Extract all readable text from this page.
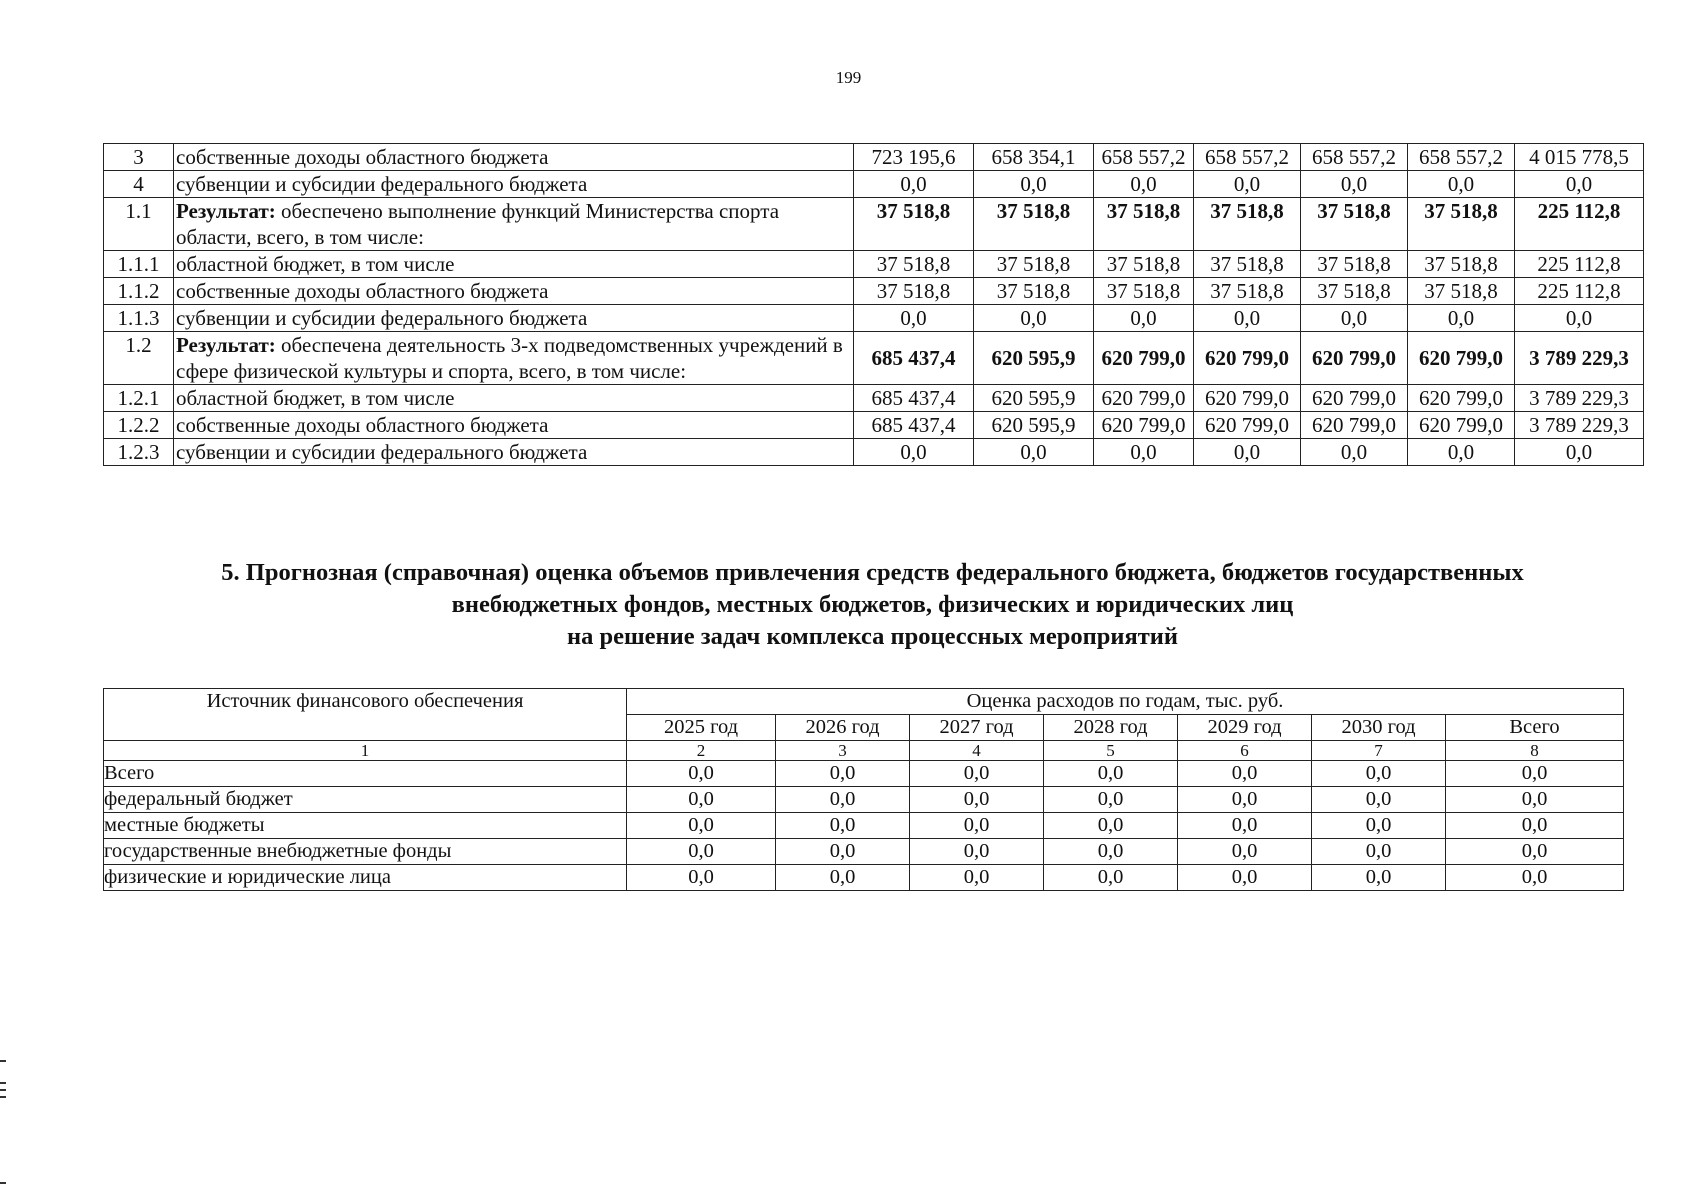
199
3	собственные доходы областного бюджета	723 195,6	658 354,1	658 557,2	658 557,2	658 557,2	658 557,2	4 015 778,5
4	субвенции и субсидии федерального бюджета	0,0	0,0	0,0	0,0	0,0	0,0	0,0
1.1	Результат: обеспечено выполнение функций Министерства спорта области, всего, в том числе:	37 518,8	37 518,8	37 518,8	37 518,8	37 518,8	37 518,8	225 112,8
1.1.1	областной бюджет, в том числе	37 518,8	37 518,8	37 518,8	37 518,8	37 518,8	37 518,8	225 112,8
1.1.2	собственные доходы областного бюджета	37 518,8	37 518,8	37 518,8	37 518,8	37 518,8	37 518,8	225 112,8
1.1.3	субвенции и субсидии федерального бюджета	0,0	0,0	0,0	0,0	0,0	0,0	0,0
1.2	Результат: обеспечена деятельность 3-х подведомственных учреждений в сфере физической культуры и спорта, всего, в том числе:	685 437,4	620 595,9	620 799,0	620 799,0	620 799,0	620 799,0	3 789 229,3
1.2.1	областной бюджет, в том числе	685 437,4	620 595,9	620 799,0	620 799,0	620 799,0	620 799,0	3 789 229,3
1.2.2	собственные доходы областного бюджета	685 437,4	620 595,9	620 799,0	620 799,0	620 799,0	620 799,0	3 789 229,3
1.2.3	субвенции и субсидии федерального бюджета	0,0	0,0	0,0	0,0	0,0	0,0	0,0
5. Прогнозная (справочная) оценка объемов привлечения средств федерального бюджета, бюджетов государственных
внебюджетных фондов, местных бюджетов, физических и юридических лиц
на решение задач комплекса процессных мероприятий
Источник финансового обеспечения	Оценка расходов по годам, тыс. руб.						
	2025 год	2026 год	2027 год	2028 год	2029 год	2030 год	Всего
1	2	3	4	5	6	7	8
Всего	0,0	0,0	0,0	0,0	0,0	0,0	0,0
федеральный бюджет	0,0	0,0	0,0	0,0	0,0	0,0	0,0
местные бюджеты	0,0	0,0	0,0	0,0	0,0	0,0	0,0
государственные внебюджетные фонды	0,0	0,0	0,0	0,0	0,0	0,0	0,0
физические и юридические лица	0,0	0,0	0,0	0,0	0,0	0,0	0,0
